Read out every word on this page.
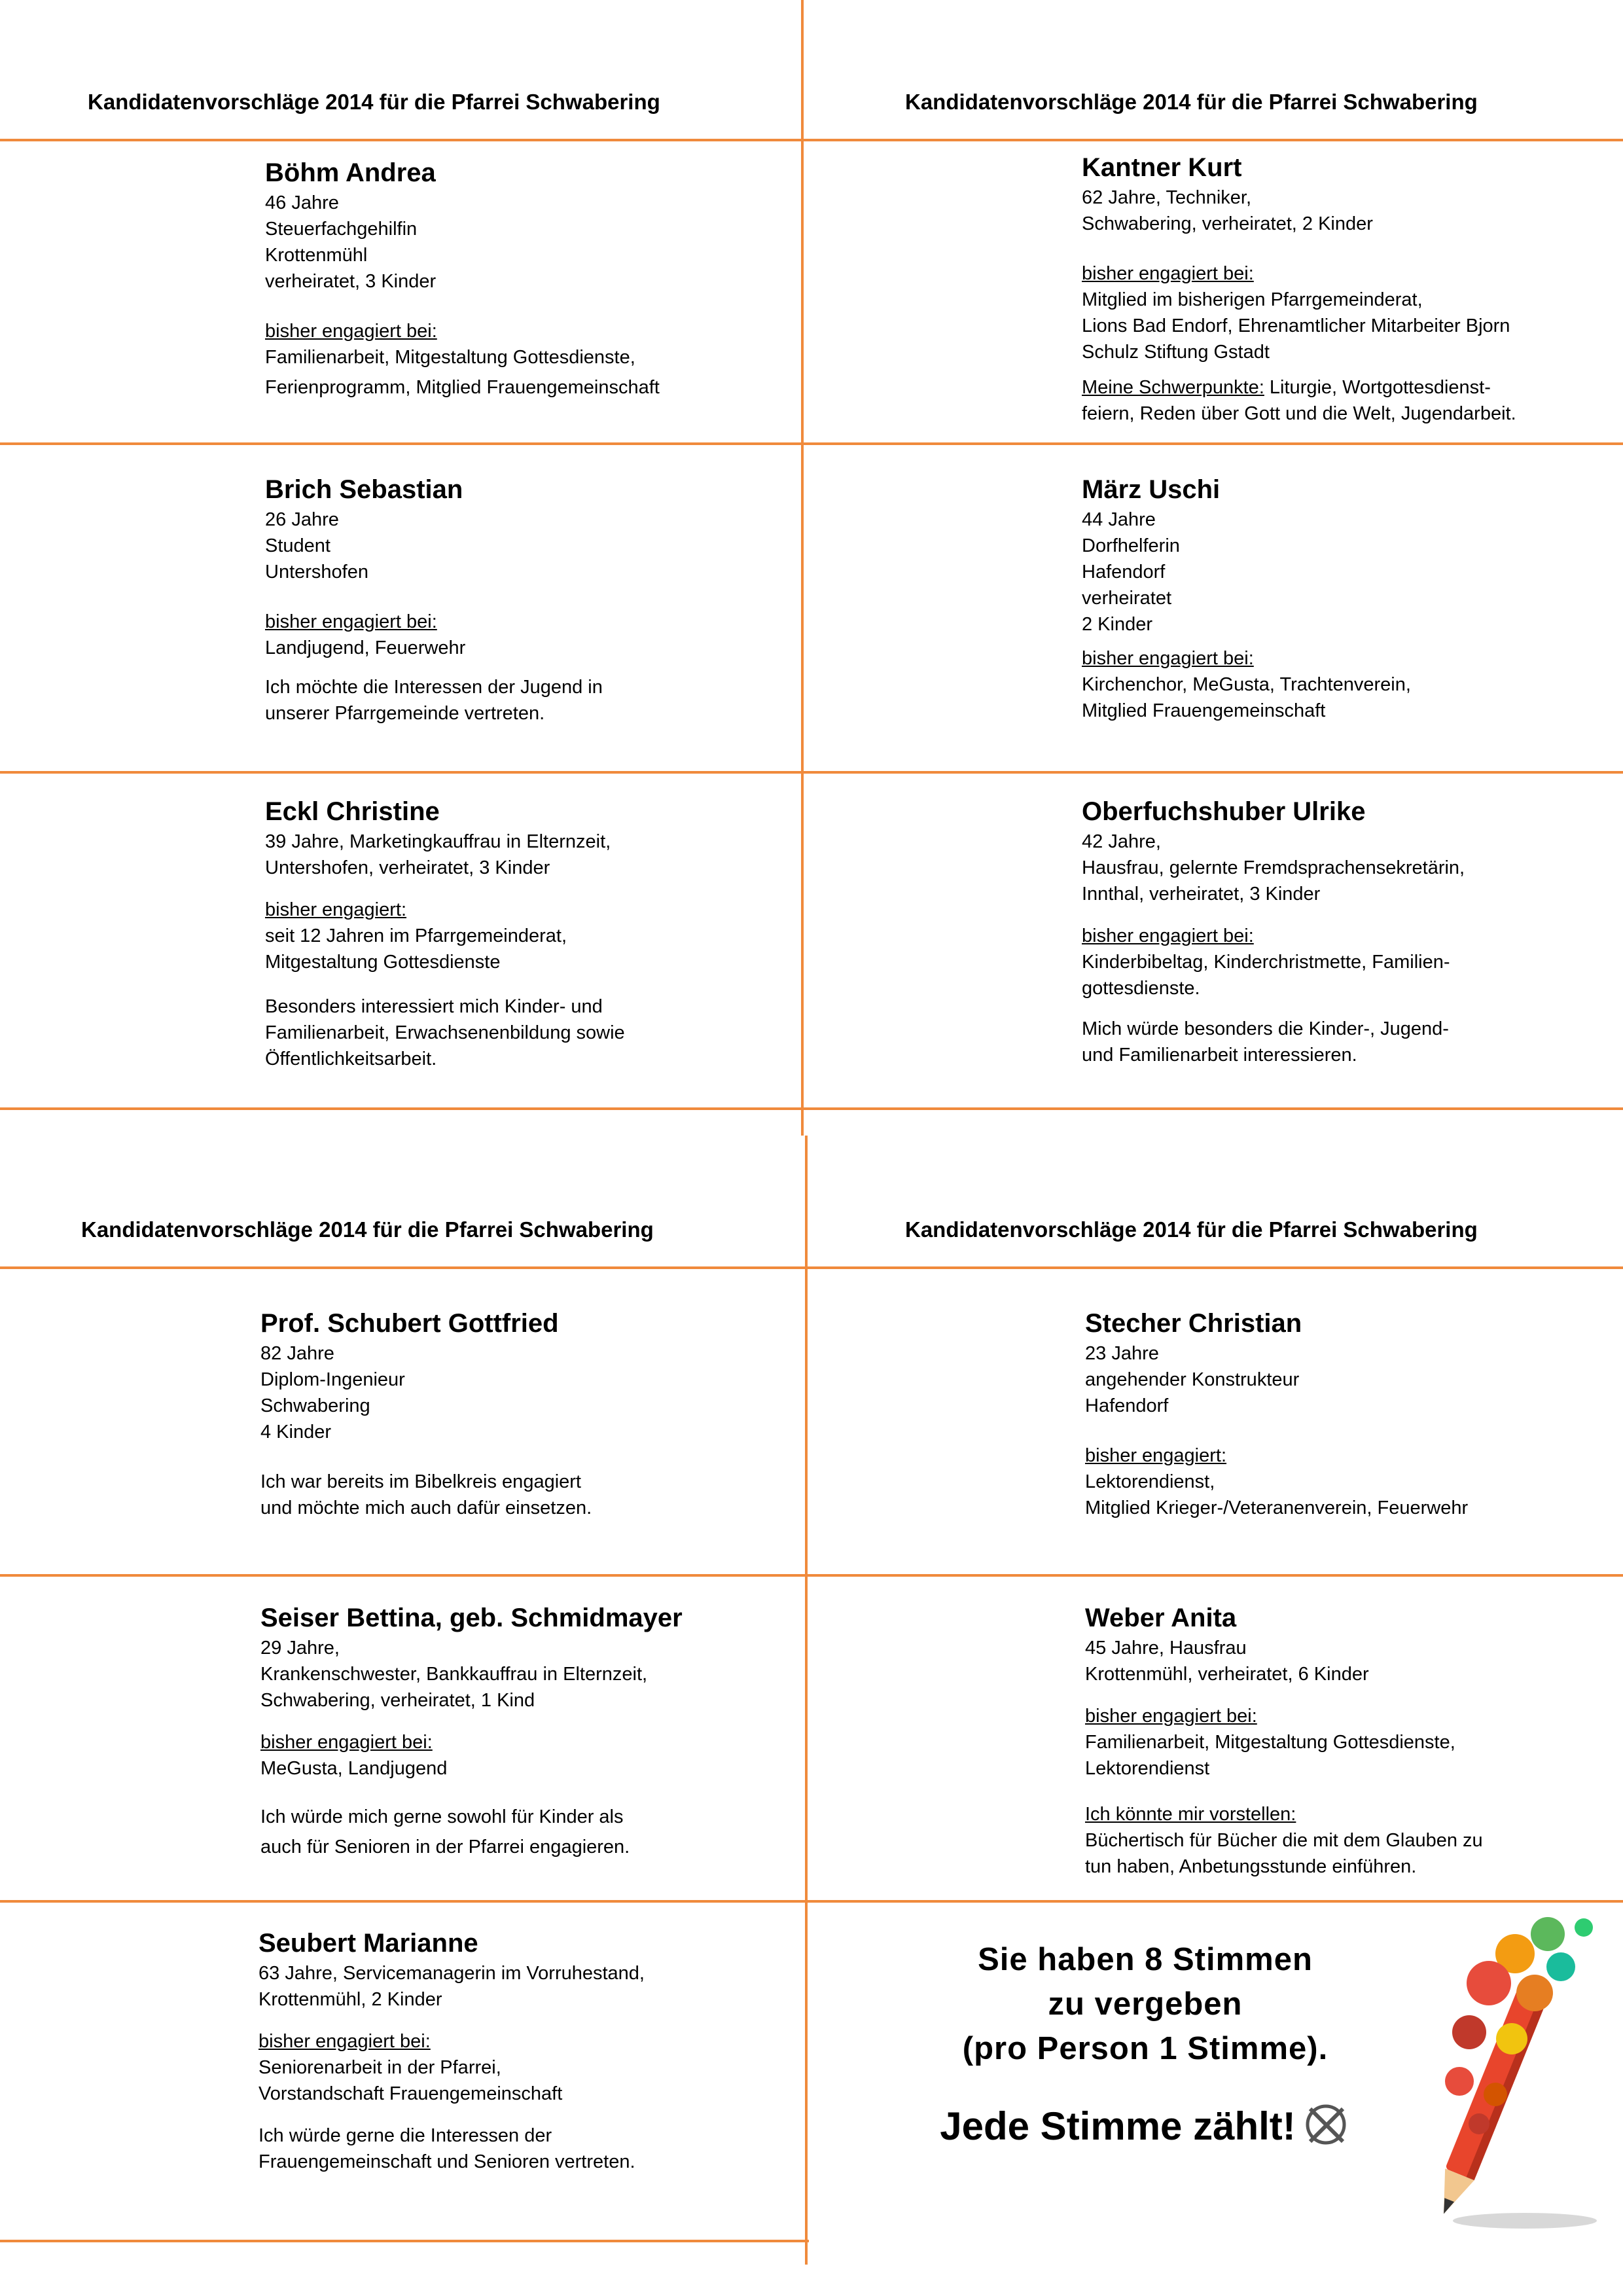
Kandidatenvorschläge 2014 für die Pfarrei Schwabering	Kandidatenvorschläge 2014 für die Pfarrei Schwabering
Kandidatenvorschläge 2014 für die Pfarrei Schwabering	Kandidatenvorschläge 2014 für die Pfarrei Schwabering
Böhm Andrea
46 Jahre
Steuerfachgehilfin
Krottenmühl
verheiratet, 3 Kinder
bisher engagiert bei:
Familienarbeit, Mitgestaltung Gottesdienste,
Ferienprogramm, Mitglied Frauengemeinschaft
Kantner Kurt
62 Jahre, Techniker,
Schwabering, verheiratet, 2 Kinder
bisher engagiert bei:
Mitglied im bisherigen Pfarrgemeinderat,
Lions Bad Endorf, Ehrenamtlicher Mitarbeiter Bjorn
Schulz Stiftung Gstadt
Meine Schwerpunkte: Liturgie, Wortgottesdienst-
feiern, Reden über Gott und die Welt, Jugendarbeit.
Brich Sebastian
26 Jahre
Student
Untershofen
bisher engagiert bei:
Landjugend, Feuerwehr
Ich möchte die Interessen der Jugend in
unserer Pfarrgemeinde vertreten.
März Uschi
44 Jahre
Dorfhelferin
Hafendorf
verheiratet
2 Kinder
bisher engagiert bei:
Kirchenchor, MeGusta, Trachtenverein,
Mitglied Frauengemeinschaft
Eckl Christine
39 Jahre, Marketingkauffrau in Elternzeit,
Untershofen, verheiratet, 3 Kinder
bisher engagiert:
seit 12 Jahren im Pfarrgemeinderat,
Mitgestaltung Gottesdienste
Besonders interessiert mich Kinder- und
Familienarbeit, Erwachsenenbildung sowie
Öffentlichkeitsarbeit.
Oberfuchshuber Ulrike
42 Jahre,
Hausfrau, gelernte Fremdsprachensekretärin,
Innthal, verheiratet, 3 Kinder
bisher engagiert bei:
Kinderbibeltag, Kinderchristmette, Familien-
gottesdienste.
Mich würde besonders die Kinder-, Jugend-
und Familienarbeit interessieren.
Prof. Schubert Gottfried
82 Jahre
Diplom-Ingenieur
Schwabering
4 Kinder
Ich war bereits im Bibelkreis engagiert
und möchte mich auch dafür einsetzen.
Stecher Christian
23 Jahre
angehender Konstrukteur
Hafendorf
bisher engagiert:
Lektorendienst,
Mitglied Krieger-/Veteranenverein, Feuerwehr
Seiser Bettina, geb. Schmidmayer
29 Jahre,
Krankenschwester, Bankkauffrau in Elternzeit,
Schwabering, verheiratet, 1 Kind
bisher engagiert bei:
MeGusta, Landjugend
Ich würde mich gerne sowohl für Kinder als
auch für Senioren in der Pfarrei engagieren.
Weber Anita
45 Jahre, Hausfrau
Krottenmühl, verheiratet, 6 Kinder
bisher engagiert bei:
Familienarbeit, Mitgestaltung Gottesdienste,
Lektorendienst
Ich könnte mir vorstellen:
Büchertisch für Bücher die mit dem Glauben zu
tun haben, Anbetungsstunde einführen.
Seubert Marianne
63 Jahre, Servicemanagerin im Vorruhestand,
Krottenmühl, 2 Kinder
bisher engagiert bei:
Seniorenarbeit in der Pfarrei,
Vorstandschaft Frauengemeinschaft
Ich würde gerne die Interessen der
Frauengemeinschaft und Senioren vertreten.
Sie haben 8 Stimmen
zu vergeben
(pro Person 1 Stimme).
Jede Stimme zählt!
